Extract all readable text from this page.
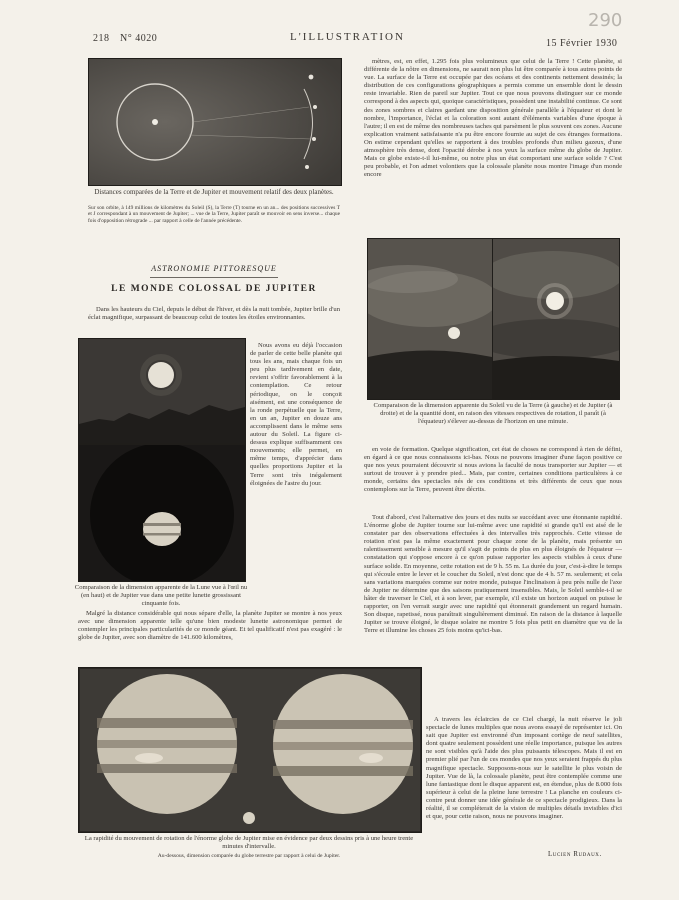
218 N° 4020	L'ILLUSTRATION
15 Février 1930
290
Distances comparées de la Terre et de Jupiter et mouvement relatif des deux planètes.
Sur son orbite, à 149 millions de kilomètres du Soleil (S), la Terre (T) tourne en un an... des positions successives T et J correspondant à un mouvement de Jupiter; ... vue de la Terre, Jupiter paraît se mouvoir en sens inverse... chaque fois d'opposition rétrograde ... par rapport à celle de l'année précédente.
ASTRONOMIE PITTORESQUE
LE MONDE COLOSSAL DE JUPITER

Dans les hauteurs du Ciel, depuis le début de l'hiver, et dès la nuit tombée, Jupiter brille d'un éclat magnifique, surpassant de beaucoup celui de toutes les étoiles environnantes.

Comparaison de la dimension apparente de la Lune vue à l'œil nu (en haut) et de Jupiter vue dans une petite lunette grossissant cinquante fois.

Nous avons eu déjà l'occasion de parler de cette belle planète qui tous les ans, mais chaque fois un peu plus tardivement en date, revient s'offrir favorablement à la contemplation. Ce retour périodique, on le conçoit aisément, est une conséquence de la ronde perpétuelle que la Terre, en un an, Jupiter en douze ans accomplissent dans le même sens autour du Soleil. La figure ci-dessus explique suffisamment ces mouvements; elle permet, en même temps, d'apprécier dans quelles proportions Jupiter et la Terre sont très inégalement éloignées de l'astre du jour.

Malgré la distance considérable qui nous sépare d'elle, la planète Jupiter se montre à nos yeux avec une dimension apparente telle qu'une bien modeste lunette astronomique permet de contempler les principales particularités de ce monde géant. Et tel qualificatif n'est pas exagéré : le globe de Jupiter, avec son diamètre de 141.600 kilomètres,

La rapidité du mouvement de rotation de l'énorme globe de Jupiter mise en évidence par deux dessins pris à une heure trente minutes d'intervalle.
Au-dessous, dimension comparée du globe terrestre par rapport à celui de Jupiter.

mètres, est, en effet, 1.295 fois plus volumineux que celui de la Terre ! Cette planète, si différente de la nôtre en dimensions, ne saurait non plus lui être comparée à tous autres points de vue. La surface de la Terre est occupée par des océans et des continents nettement dessinés; la distribution de ces configurations géographiques a permis comme un ensemble dont le dessin reste invariable. Rien de pareil sur Jupiter. Tout ce que nous pouvons distinguer sur ce monde correspond à des aspects qui, quoique caractéristiques, possèdent une instabilité continue. Ce sont des zones sombres et claires gardant une disposition générale parallèle à l'équateur et dont le nombre, l'importance, l'éclat et la coloration sont autant d'éléments variables d'une époque à l'autre; il en est de même des nombreuses taches qui parsèment le plus souvent ces zones. Aucune explication vraiment satisfaisante n'a pu être encore fournie au sujet de ces étranges formations. On estime cependant qu'elles se rapportent à des troubles profonds d'un milieu gazeux, d'une atmosphère très dense, dont l'opacité dérobe à nos yeux la surface même du globe de Jupiter. Mais ce globe existe-t-il lui-même, ou notre plus un état comportant une surface solide ? C'est peu probable, et l'on admet volontiers que la colossale planète nous montre l'image d'un monde encore

Comparaison de la dimension apparente du Soleil vu de la Terre (à gauche) et de Jupiter (à droite) et de la quantité dont, en raison des vitesses respectives de rotation, il paraît (à l'équateur) s'élever au-dessus de l'horizon en une minute.

en voie de formation. Quelque signification, cet état de choses ne correspond à rien de défini, en égard à ce que nous connaissons ici-bas. Nous ne pouvons imaginer d'une façon positive ce que nos yeux pourraient découvrir si nous avions la faculté de nous transporter sur Jupiter — et surtout de trouver à y prendre pied... Mais, par contre, certaines conditions particulières à ce monde, certains des spectacles nés de ces conditions et très différents de ceux que nous contemplons sur la Terre, peuvent être décrits.

Tout d'abord, c'est l'alternative des jours et des nuits se succédant avec une étonnante rapidité. L'énorme globe de Jupiter tourne sur lui-même avec une rapidité si grande qu'il est aisé de le constater par des observations effectuées à des intervalles très rapprochés. Cette vitesse de rotation n'est pas la même exactement pour chaque zone de la planète, mais présente un ralentissement sensible à mesure qu'il s'agit de points de plus en plus éloignés de l'équateur — constatation qui s'oppose encore à ce qu'on puisse rapporter les aspects visibles à ceux d'une surface solide. En moyenne, cette rotation est de 9 h. 55 m. La durée du jour, c'est-à-dire le temps qui s'écoule entre le lever et le coucher du Soleil, n'est donc que de 4 h. 57 m. seulement; et cela sans variations marquées comme sur notre monde, puisque l'inclinaison à peu près nulle de l'axe de Jupiter ne détermine que des saisons pratiquement insensibles. Mais, le Soleil semble-t-il se hâter de traverser le Ciel, et à son lever, par exemple, s'il existe un horizon auquel on puisse le rapporter, on l'en verrait surgir avec une rapidité qui étonnerait grandement un regard humain. Son disque, rapetissé, nous paraîtrait singulièrement diminué. En raison de la distance à laquelle Jupiter se trouve éloigné, le disque solaire ne montre 5 fois plus petit en diamètre que vu de la Terre et illumine les choses 25 fois moins qu'ici-bas.

A travers les éclaircies de ce Ciel chargé, la nuit réserve le joli spectacle de lunes multiples que nous avons essayé de représenter ici. On sait que Jupiter est environné d'un imposant cortège de neuf satellites, dont quatre seulement possèdent une réelle importance, puisque les autres ne sont visibles qu'à l'aide des plus puissants télescopes. Mais il est en premier plié par l'un de ces mondes que nos yeux seraient frappés du plus magnifique spectacle. Supposons-nous sur le satellite le plus voisin de Jupiter. Vue de là, la colossale planète, peut être contemplée comme une lune fantastique dont le disque apparent est, en étendue, plus de 8.000 fois supérieur à celui de la pleine lune terrestre ! La planche en couleurs ci-contre peut donner une idée générale de ce spectacle prodigieux. Dans la réalité, il se compléterait de la vision de multiples détails invisibles d'ici et que, pour cette raison, nous ne pouvons imaginer.

Lucien Rudaux.
